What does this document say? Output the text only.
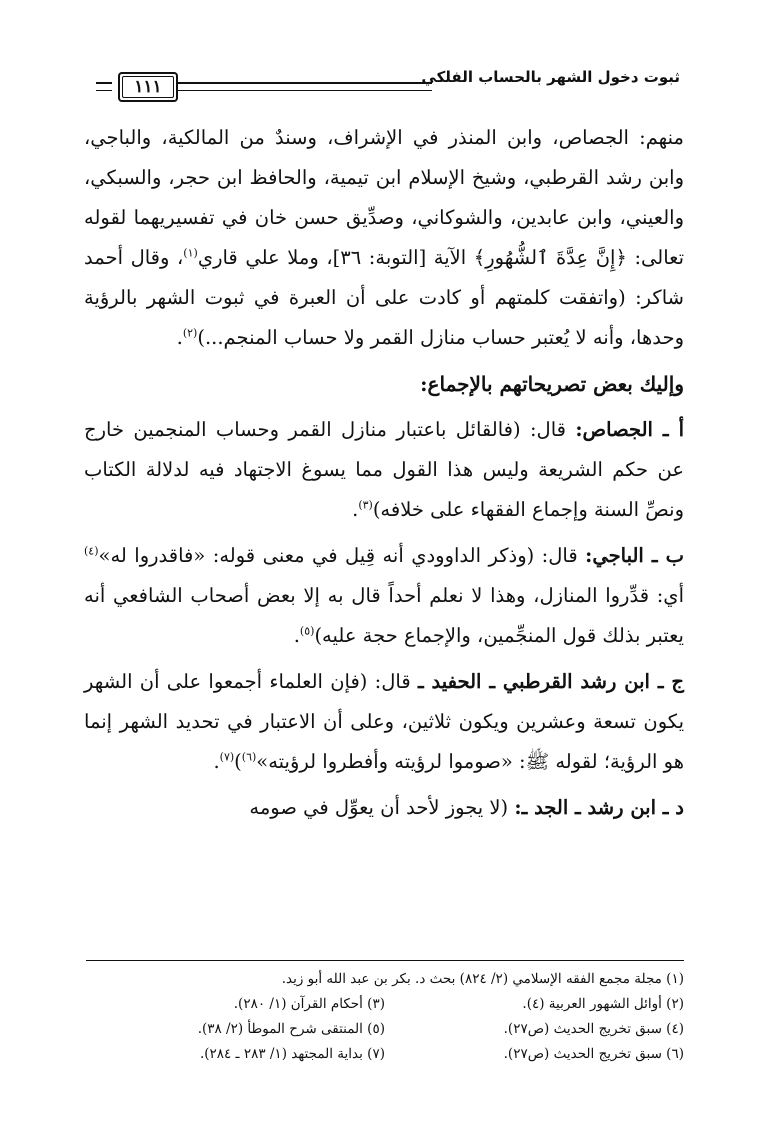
ثبوت دخول الشهر بالحساب الفلكي
١١١

منهم: الجصاص، وابن المنذر في الإشراف، وسندٌ من المالكية، والباجي، وابن رشد القرطبي، وشيخ الإسلام ابن تيمية، والحافظ ابن حجر، والسبكي، والعيني، وابن عابدين، والشوكاني، وصدِّيق حسن خان في تفسيريهما لقوله تعالى: ﴿إِنَّ عِدَّةَ ٱلشُّهُورِ﴾ الآية [التوبة: ٣٦]، وملا علي قاري$^{(١)}$، وقال أحمد شاكر: (واتفقت كلمتهم أو كادت على أن العبرة في ثبوت الشهر بالرؤية وحدها، وأنه لا يُعتبر حساب منازل القمر ولا حساب المنجم...)$^{(٢)}$.

وإليك بعض تصريحاتهم بالإجماع:

أ ـ الجصاص: قال: (فالقائل باعتبار منازل القمر وحساب المنجمين خارج عن حكم الشريعة وليس هذا القول مما يسوغ الاجتهاد فيه لدلالة الكتاب ونصِّ السنة وإجماع الفقهاء على خلافه)$^{(٣)}$.

ب ـ الباجي: قال: (وذكر الداوودي أنه قِيل في معنى قوله: «فاقدروا له»$^{(٤)}$ أي: قدِّروا المنازل، وهذا لا نعلم أحداً قال به إلا بعض أصحاب الشافعي أنه يعتبر بذلك قول المنجِّمين، والإجماع حجة عليه)$^{(٥)}$.

ج ـ ابن رشد القرطبي ـ الحفيد ـ قال: (فإن العلماء أجمعوا على أن الشهر يكون تسعة وعشرين ويكون ثلاثين، وعلى أن الاعتبار في تحديد الشهر إنما هو الرؤية؛ لقوله ﷺ: «صوموا لرؤيته وأفطروا لرؤيته»$^{(٦)}$)$^{(٧)}$.

د ـ ابن رشد ـ الجد ـ: (لا يجوز لأحد أن يعوِّل في صومه

(١) مجلة مجمع الفقه الإسلامي (٢/ ٨٢٤) بحث د. بكر بن عبد الله أبو زيد.
(٢) أوائل الشهور العربية (٤).
(٣) أحكام القرآن (١/ ٢٨٠).
(٤) سبق تخريج الحديث (ص٢٧).
(٥) المنتقى شرح الموطأ (٢/ ٣٨).
(٦) سبق تخريج الحديث (ص٢٧).
(٧) بداية المجتهد (١/ ٢٨٣ ـ ٢٨٤).
